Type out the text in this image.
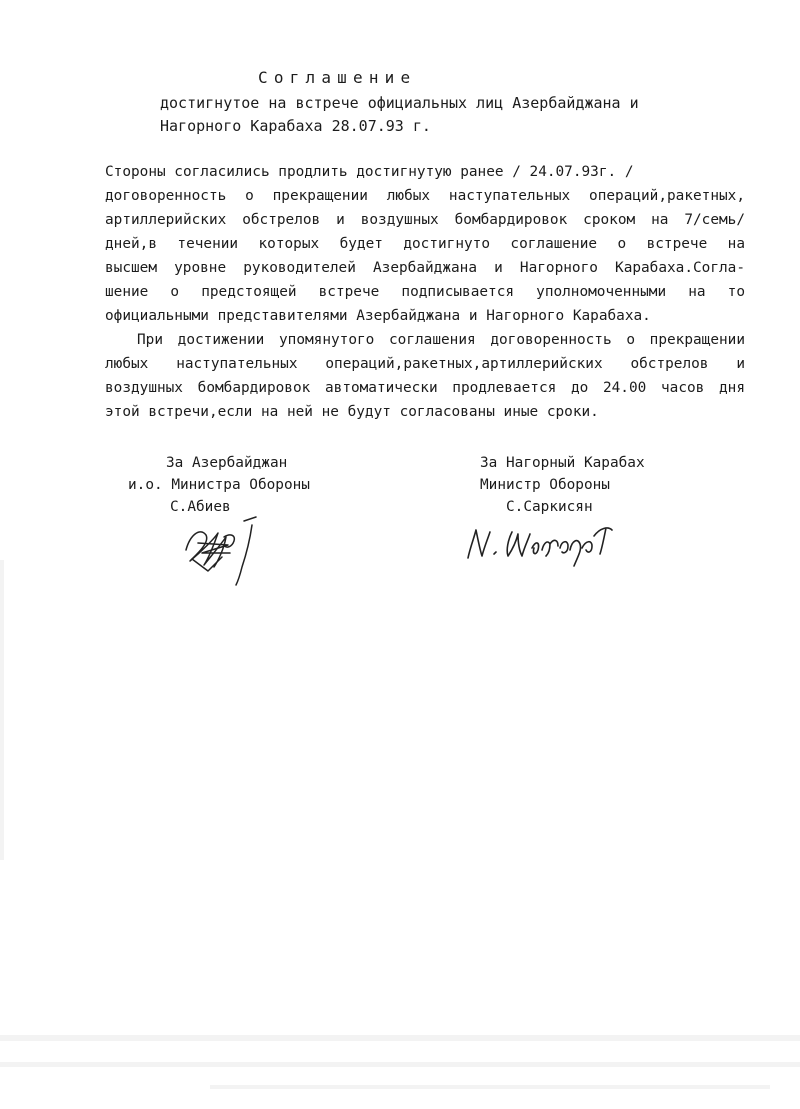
Соглашение
достигнутое на встрече официальных лиц Азербайджана и
Нагорного Карабаха 28.07.93 г.
Стороны согласились продлить достигнутую ранее / 24.07.93г. /
договоренность о прекращении любых наступательных операций,ракетных,
артиллерийских обстрелов и воздушных бомбардировок сроком на 7/семь/
дней,в течении которых будет достигнуто соглашение о встрече на
высшем уровне руководителей Азербайджана и Нагорного Карабаха.Согла-
шение о предстоящей встрече подписывается уполномоченными на то
официальными представителями Азербайджана и Нагорного Карабаха.
При достижении упомянутого соглашения договоренность о прекращении
любых наступательных операций,ракетных,артиллерийских обстрелов и
воздушных бомбардировок автоматически продлевается до 24.00 часов дня
этой встречи,если на ней не будут согласованы иные сроки.
За Азербайджан
и.о. Министра Обороны
С.Абиев
За Нагорный Карабах
Министр Обороны
С.Саркисян
